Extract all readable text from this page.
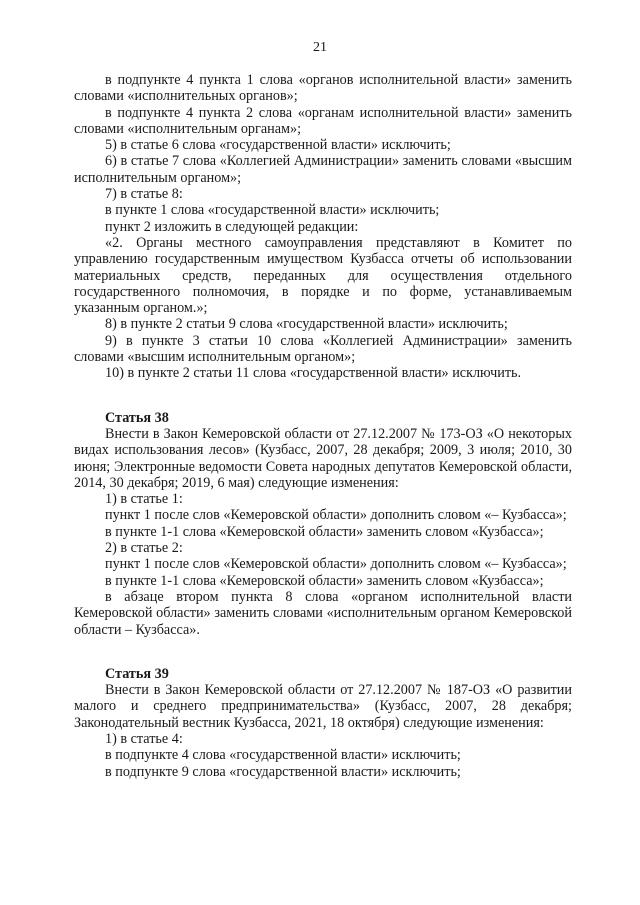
21

в подпункте 4 пункта 1 слова «органов исполнительной власти» заменить словами «исполнительных органов»;

в подпункте 4 пункта 2 слова «органам исполнительной власти» заменить словами «исполнительным органам»;

5) в статье 6 слова «государственной власти» исключить;

6) в статье 7 слова «Коллегией Администрации» заменить словами «высшим исполнительным органом»;

7) в статье 8:

в пункте 1 слова «государственной власти» исключить;

пункт 2 изложить в следующей редакции:

«2. Органы местного самоуправления представляют в Комитет по управлению государственным имуществом Кузбасса отчеты об использовании материальных средств, переданных для осуществления отдельного государственного полномочия, в порядке и по форме, устанавливаемым указанным органом.»;

8) в пункте 2 статьи 9 слова «государственной власти» исключить;

9) в пункте 3 статьи 10 слова «Коллегией Администрации» заменить словами «высшим исполнительным органом»;

10) в пункте 2 статьи 11 слова «государственной власти» исключить.

Статья 38

Внести в Закон Кемеровской области от 27.12.2007 № 173-ОЗ «О некоторых видах использования лесов» (Кузбасс, 2007, 28 декабря; 2009, 3 июля; 2010, 30 июня; Электронные ведомости Совета народных депутатов Кемеровской области, 2014, 30 декабря; 2019, 6 мая) следующие изменения:

1) в статье 1:

пункт 1 после слов «Кемеровской области» дополнить словом «– Кузбасса»;

в пункте 1-1 слова «Кемеровской области» заменить словом «Кузбасса»;

2) в статье 2:

пункт 1 после слов «Кемеровской области» дополнить словом «– Кузбасса»;

в пункте 1-1 слова «Кемеровской области» заменить словом «Кузбасса»;

в абзаце втором пункта 8 слова «органом исполнительной власти Кемеровской области» заменить словами «исполнительным органом Кемеровской области – Кузбасса».

Статья 39

Внести в Закон Кемеровской области от 27.12.2007 № 187-ОЗ «О развитии малого и среднего предпринимательства» (Кузбасс, 2007, 28 декабря; Законодательный вестник Кузбасса, 2021, 18 октября) следующие изменения:

1) в статье 4:

в подпункте 4 слова «государственной власти» исключить;

в подпункте 9 слова «государственной власти» исключить;
